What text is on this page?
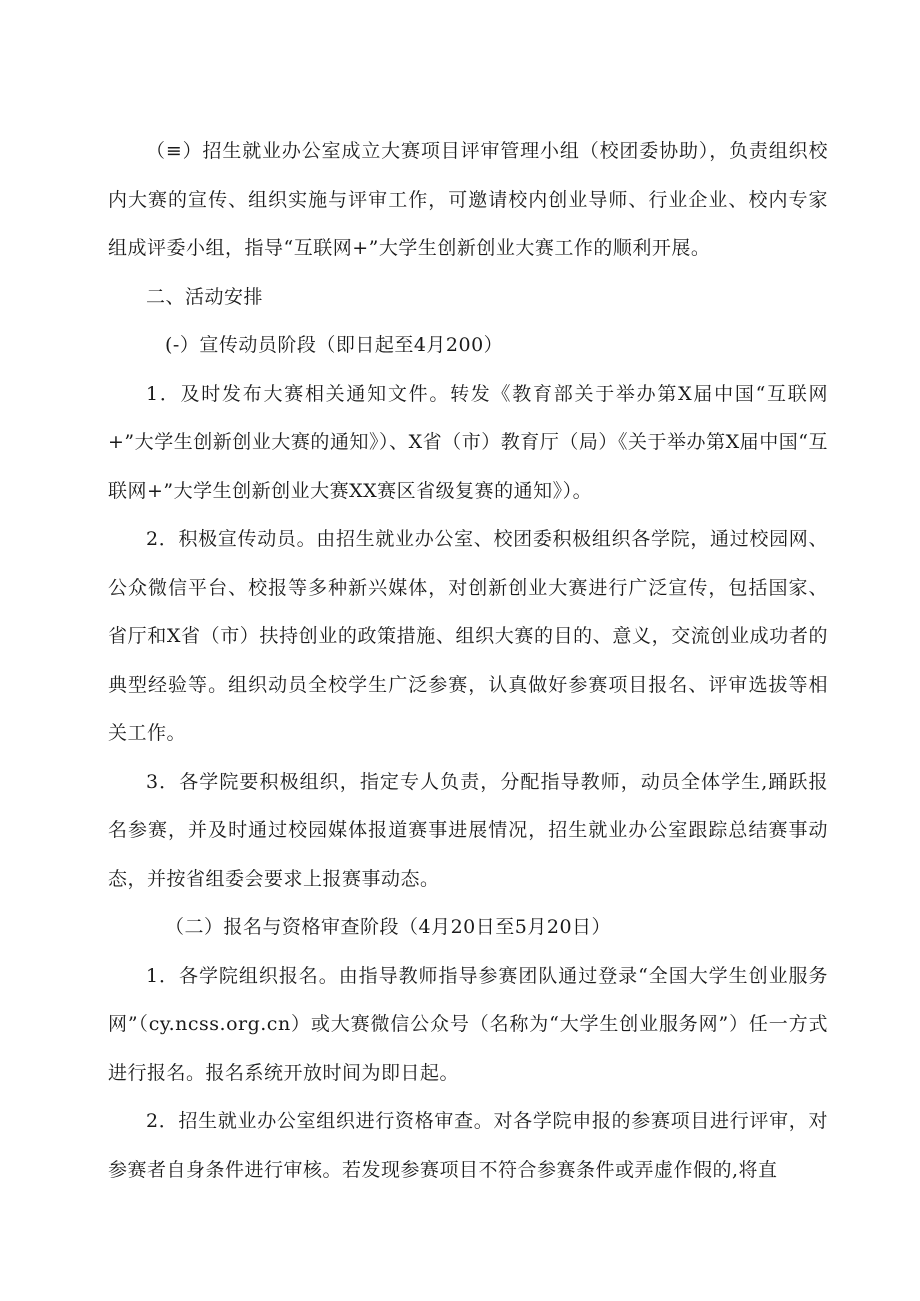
（≡）招生就业办公室成立大赛项目评审管理小组（校团委协助），负责组织校内大赛的宣传、组织实施与评审工作，可邀请校内创业导师、行业企业、校内专家组成评委小组，指导“互联网+”大学生创新创业大赛工作的顺利开展。

二、活动安排

(-）宣传动员阶段（即日起至4月200）

1．及时发布大赛相关通知文件。转发《教育部关于举办第X届中国“互联网+”大学生创新创业大赛的通知》）、X省（市）教育厅（局）《关于举办第X届中国“互联网+”大学生创新创业大赛XX赛区省级复赛的通知》）。

2．积极宣传动员。由招生就业办公室、校团委积极组织各学院，通过校园网、公众微信平台、校报等多种新兴媒体，对创新创业大赛进行广泛宣传，包括国家、省厅和X省（市）扶持创业的政策措施、组织大赛的目的、意义，交流创业成功者的典型经验等。组织动员全校学生广泛参赛，认真做好参赛项目报名、评审选拔等相关工作。

3．各学院要积极组织，指定专人负责，分配指导教师，动员全体学生,踊跃报名参赛，并及时通过校园媒体报道赛事进展情况，招生就业办公室跟踪总结赛事动态，并按省组委会要求上报赛事动态。

（二）报名与资格审查阶段（4月20日至5月20日）

1．各学院组织报名。由指导教师指导参赛团队通过登录“全国大学生创业服务网”（cy.ncss.org.cn）或大赛微信公众号（名称为“大学生创业服务网”）任一方式进行报名。报名系统开放时间为即日起。

2．招生就业办公室组织进行资格审查。对各学院申报的参赛项目进行评审，对参赛者自身条件进行审核。若发现参赛项目不符合参赛条件或弄虚作假的,将直
